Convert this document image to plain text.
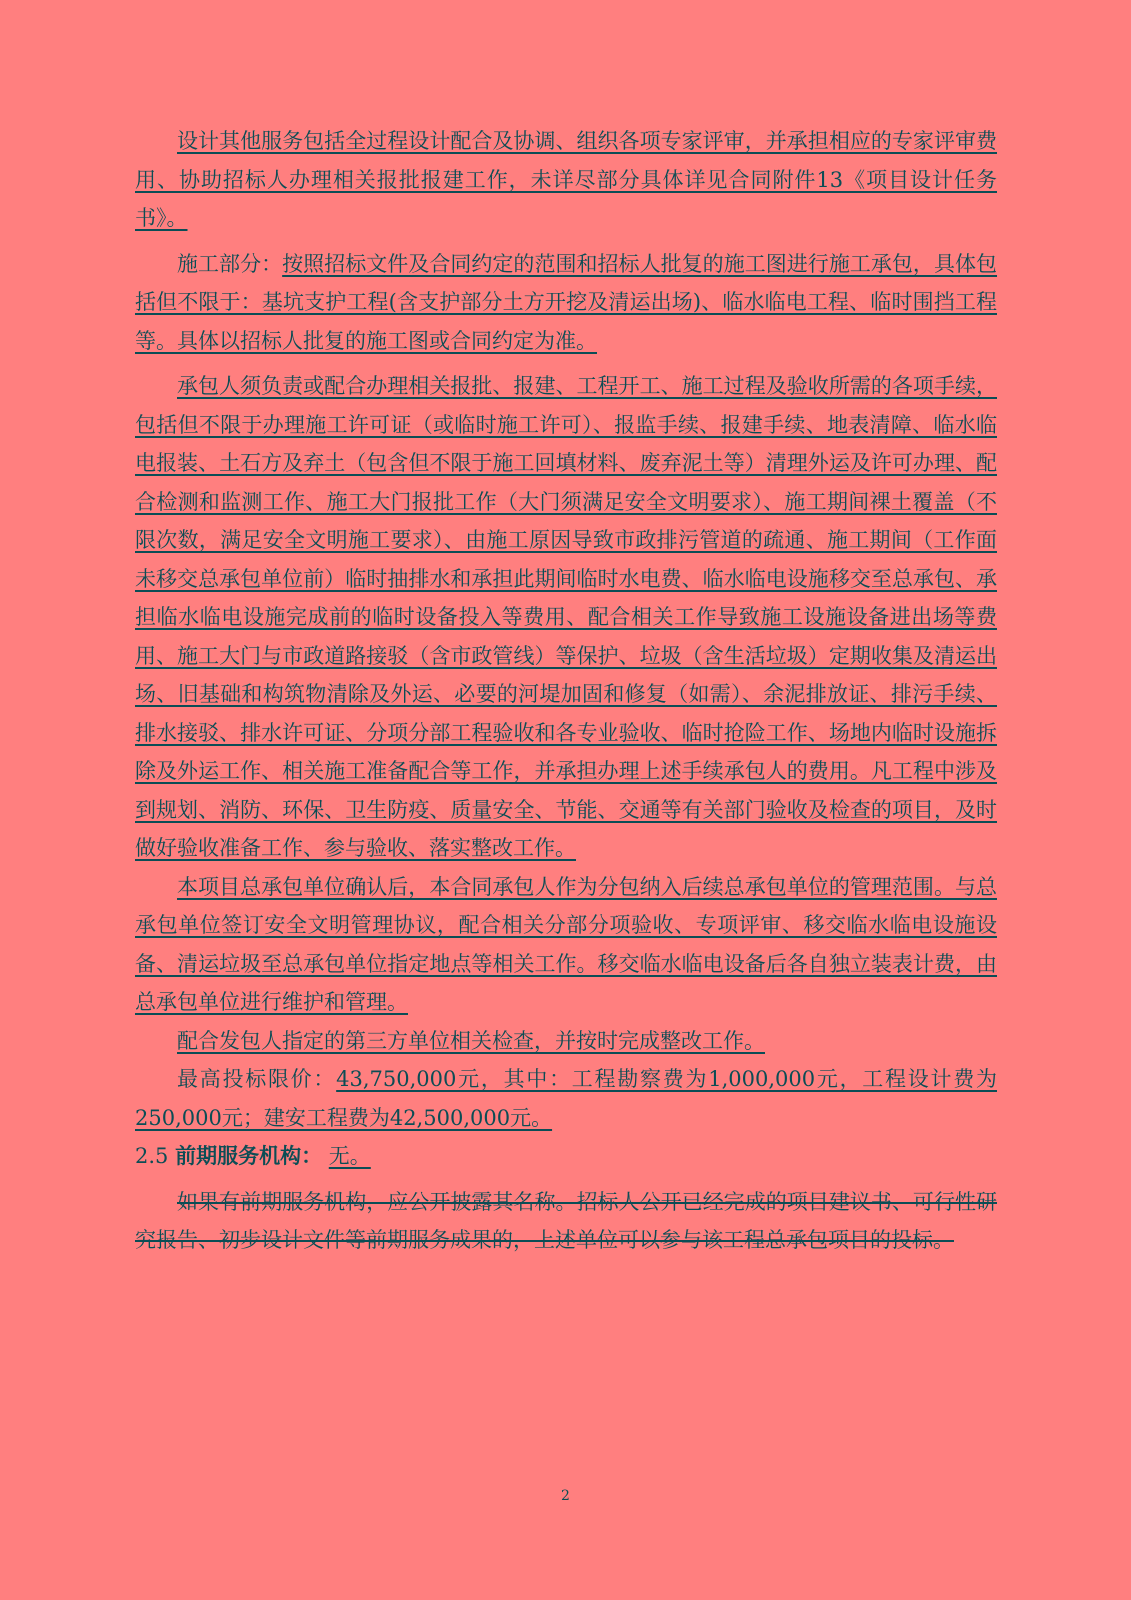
设计其他服务包括全过程设计配合及协调、组织各项专家评审，并承担相应的专家评审费用、协助招标人办理相关报批报建工作，未详尽部分具体详见合同附件13《项目设计任务书》。

施工部分：按照招标文件及合同约定的范围和招标人批复的施工图进行施工承包，具体包括但不限于：基坑支护工程(含支护部分土方开挖及清运出场)、临水临电工程、临时围挡工程等。具体以招标人批复的施工图或合同约定为准。

承包人须负责或配合办理相关报批、报建、工程开工、施工过程及验收所需的各项手续，包括但不限于办理施工许可证（或临时施工许可）、报监手续、报建手续、地表清障、临水临电报装、土石方及弃土（包含但不限于施工回填材料、废弃泥土等）清理外运及许可办理、配合检测和监测工作、施工大门报批工作（大门须满足安全文明要求）、施工期间裸土覆盖（不限次数，满足安全文明施工要求）、由施工原因导致市政排污管道的疏通、施工期间（工作面未移交总承包单位前）临时抽排水和承担此期间临时水电费、临水临电设施移交至总承包、承担临水临电设施完成前的临时设备投入等费用、配合相关工作导致施工设施设备进出场等费用、施工大门与市政道路接驳（含市政管线）等保护、垃圾（含生活垃圾）定期收集及清运出场、旧基础和构筑物清除及外运、必要的河堤加固和修复（如需）、余泥排放证、排污手续、排水接驳、排水许可证、分项分部工程验收和各专业验收、临时抢险工作、场地内临时设施拆除及外运工作、相关施工准备配合等工作，并承担办理上述手续承包人的费用。凡工程中涉及到规划、消防、环保、卫生防疫、质量安全、节能、交通等有关部门验收及检查的项目，及时做好验收准备工作、参与验收、落实整改工作。

本项目总承包单位确认后，本合同承包人作为分包纳入后续总承包单位的管理范围。与总承包单位签订安全文明管理协议，配合相关分部分项验收、专项评审、移交临水临电设施设备、清运垃圾至总承包单位指定地点等相关工作。移交临水临电设备后各自独立装表计费，由总承包单位进行维护和管理。

配合发包人指定的第三方单位相关检查，并按时完成整改工作。

最高投标限价：43,750,000元，其中：工程勘察费为1,000,000元，工程设计费为250,000元；建安工程费为42,500,000元。

2.5 前期服务机构： 无。

如果有前期服务机构，应公开披露其名称。招标人公开已经完成的项目建议书、可行性研究报告、初步设计文件等前期服务成果的，上述单位可以参与该工程总承包项目的投标。

2
